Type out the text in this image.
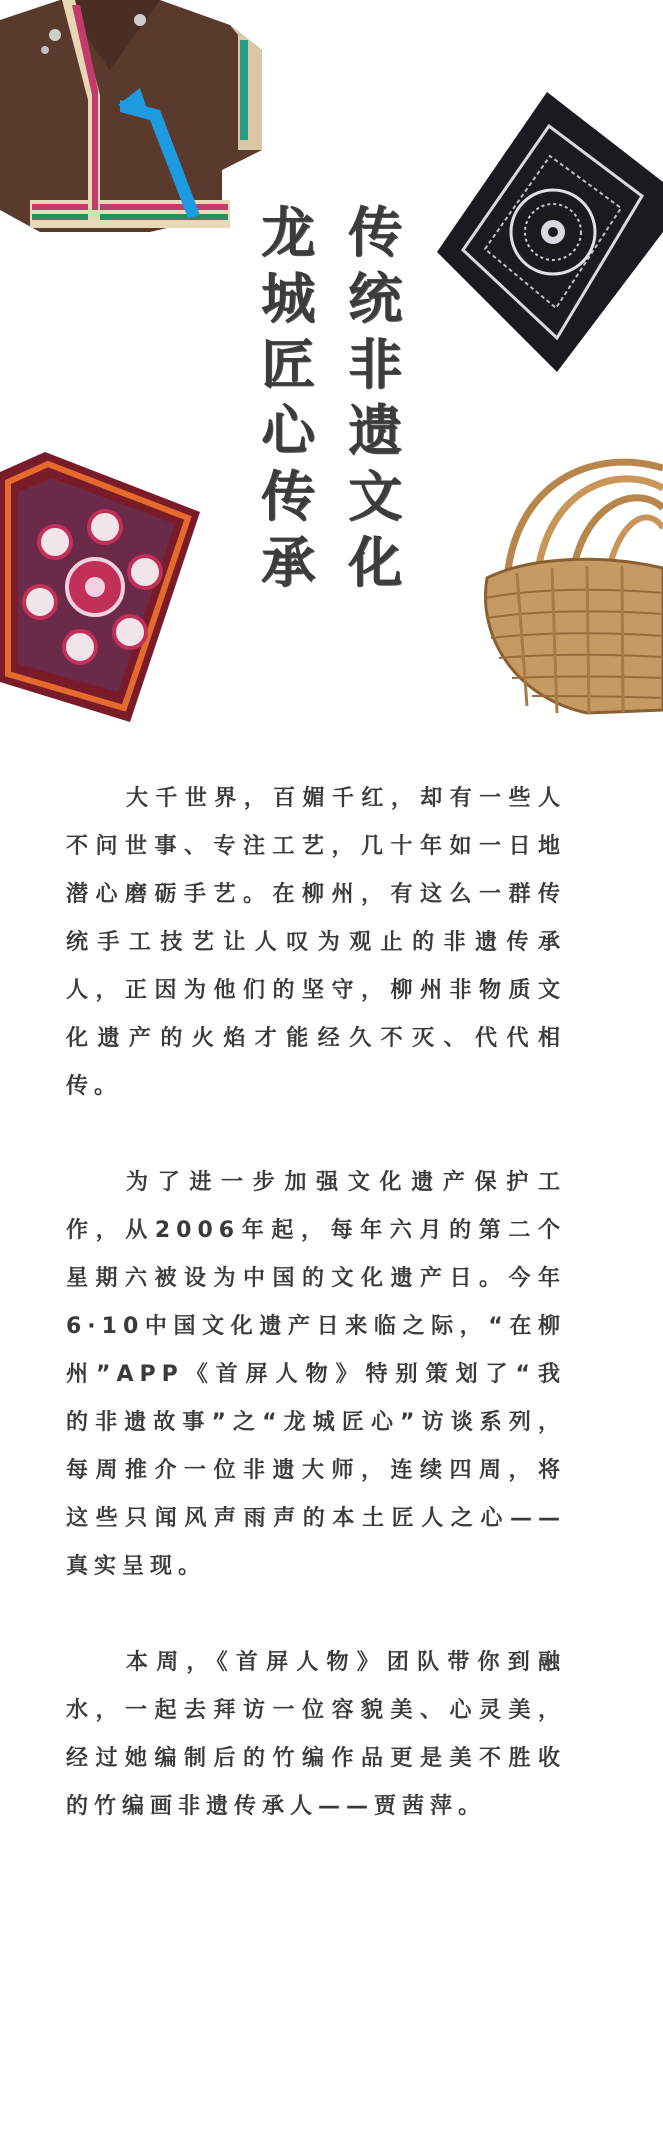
龙
城
匠
心
传
承
传
统
非
遗
文
化

大千世界，百媚千红，却有一些人不问世事、专注工艺，几十年如一日地潜心磨砺手艺。在柳州，有这么一群传统手工技艺让人叹为观止的非遗传承人，正因为他们的坚守，柳州非物质文化遗产的火焰才能经久不灭、代代相传。

为了进一步加强文化遗产保护工作，从2006年起，每年六月的第二个星期六被设为中国的文化遗产日。今年6·10中国文化遗产日来临之际，“在柳州”APP《首屏人物》特别策划了“我的非遗故事”之“龙城匠心”访谈系列，每周推介一位非遗大师，连续四周，将这些只闻风声雨声的本土匠人之心——真实呈现。

本周，《首屏人物》团队带你到融水，一起去拜访一位容貌美、心灵美，经过她编制后的竹编作品更是美不胜收的竹编画非遗传承人——贾茜萍。
